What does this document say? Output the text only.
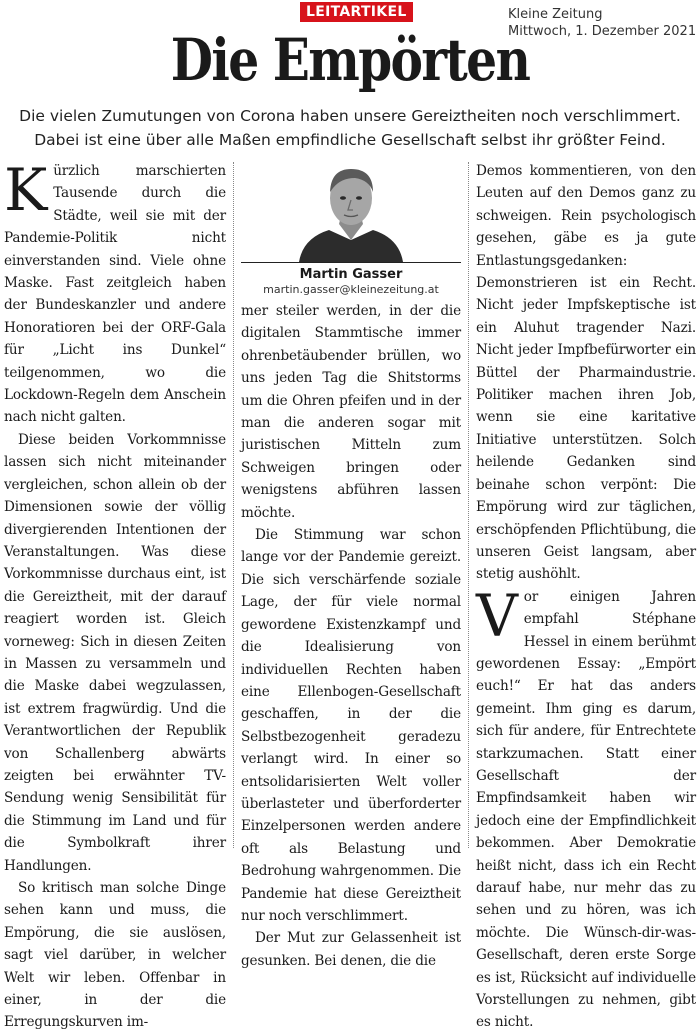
LEITARTIKEL	Kleine Zeitung
Mittwoch, 1. Dezember 2021
Die Empörten
Die vielen Zumutungen von Corona haben unsere Gereiztheiten noch verschlimmert.
Dabei ist eine über alle Maßen empfindliche Gesellschaft selbst ihr größter Feind.

Kürzlich marschierten Tausende durch die Städte, weil sie mit der Pandemie-Politik nicht einverstanden sind. Viele ohne Maske. Fast zeitgleich haben der Bundeskanzler und andere Honoratioren bei der ORF-Gala für „Licht ins Dunkel“ teilgenommen, wo die Lockdown-Regeln dem Anschein nach nicht galten.

Diese beiden Vorkommnisse lassen sich nicht miteinander vergleichen, schon allein ob der Dimensionen sowie der völlig divergierenden Intentionen der Veranstaltungen. Was diese Vorkommnisse durchaus eint, ist die Gereiztheit, mit der darauf reagiert worden ist. Gleich vorneweg: Sich in diesen Zeiten in Massen zu versammeln und die Maske dabei wegzulassen, ist extrem fragwürdig. Und die Verantwortlichen der Republik von Schallenberg abwärts zeigten bei erwähnter TV-Sendung wenig Sensibilität für die Stimmung im Land und für die Symbolkraft ihrer Handlungen.

So kritisch man solche Dinge sehen kann und muss, die Empörung, die sie auslösen, sagt viel darüber, in welcher Welt wir leben. Offenbar in einer, in der die Erregungskurven im-

Martin Gasser
martin.gasser@kleinezeitung.at

mer steiler werden, in der die digitalen Stammtische immer ohrenbetäubender brüllen, wo uns jeden Tag die Shitstorms um die Ohren pfeifen und in der man die anderen sogar mit juristischen Mitteln zum Schweigen bringen oder wenigstens abführen lassen möchte.

Die Stimmung war schon lange vor der Pandemie gereizt. Die sich verschärfende soziale Lage, der für viele normal gewordene Existenzkampf und die Idealisierung von individuellen Rechten haben eine Ellenbogen-Gesellschaft geschaffen, in der die Selbstbezogenheit geradezu verlangt wird. In einer so entsolidarisierten Welt voller überlasteter und überforderter Einzelpersonen werden andere oft als Belastung und Bedrohung wahrgenommen. Die Pandemie hat diese Gereiztheit nur noch verschlimmert.

Der Mut zur Gelassenheit ist gesunken. Bei denen, die die

Demos kommentieren, von den Leuten auf den Demos ganz zu schweigen. Rein psychologisch gesehen, gäbe es ja gute Entlastungsgedanken: Demonstrieren ist ein Recht. Nicht jeder Impfskeptische ist ein Aluhut tragender Nazi. Nicht jeder Impfbefürworter ein Büttel der Pharmaindustrie. Politiker machen ihren Job, wenn sie eine karitative Initiative unterstützen. Solch heilende Gedanken sind beinahe schon verpönt: Die Empörung wird zur täglichen, erschöpfenden Pflichtübung, die unseren Geist langsam, aber stetig aushöhlt.

Vor einigen Jahren empfahl Stéphane Hessel in einem berühmt gewordenen Essay: „Empört euch!“ Er hat das anders gemeint. Ihm ging es darum, sich für andere, für Entrechtete starkzumachen. Statt einer Gesellschaft der Empfindsamkeit haben wir jedoch eine der Empfindlichkeit bekommen. Aber Demokratie heißt nicht, dass ich ein Recht darauf habe, nur mehr das zu sehen und zu hören, was ich möchte. Die Wünsch-dir-was-Gesellschaft, deren erste Sorge es ist, Rücksicht auf individuelle Vorstellungen zu nehmen, gibt es nicht.
